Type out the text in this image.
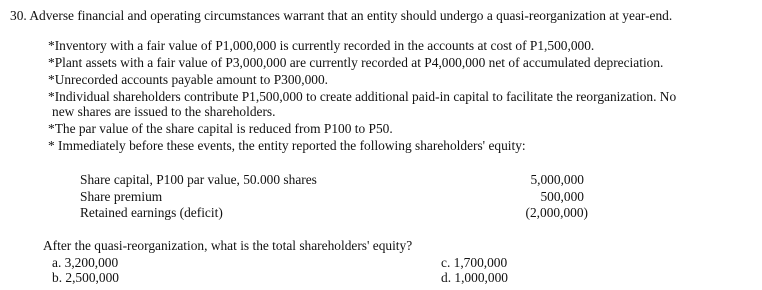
30. Adverse financial and operating circumstances warrant that an entity should undergo a quasi-reorganization at year-end.
*Inventory with a fair value of P1,000,000 is currently recorded in the accounts at cost of P1,500,000.
*Plant assets with a fair value of P3,000,000 are currently recorded at P4,000,000 net of accumulated depreciation.
*Unrecorded accounts payable amount to P300,000.
*Individual shareholders contribute P1,500,000 to create additional paid-in capital to facilitate the reorganization. No
new shares are issued to the shareholders.
*The par value of the share capital is reduced from P100 to P50.
* Immediately before these events, the entity reported the following shareholders' equity:
Share capital, P100 par value, 50.000 shares	5,000,000
Share premium	500,000
Retained earnings (deficit)	(2,000,000)
After the quasi-reorganization, what is the total shareholders' equity?
a. 3,200,000
b. 2,500,000
c. 1,700,000
d. 1,000,000
